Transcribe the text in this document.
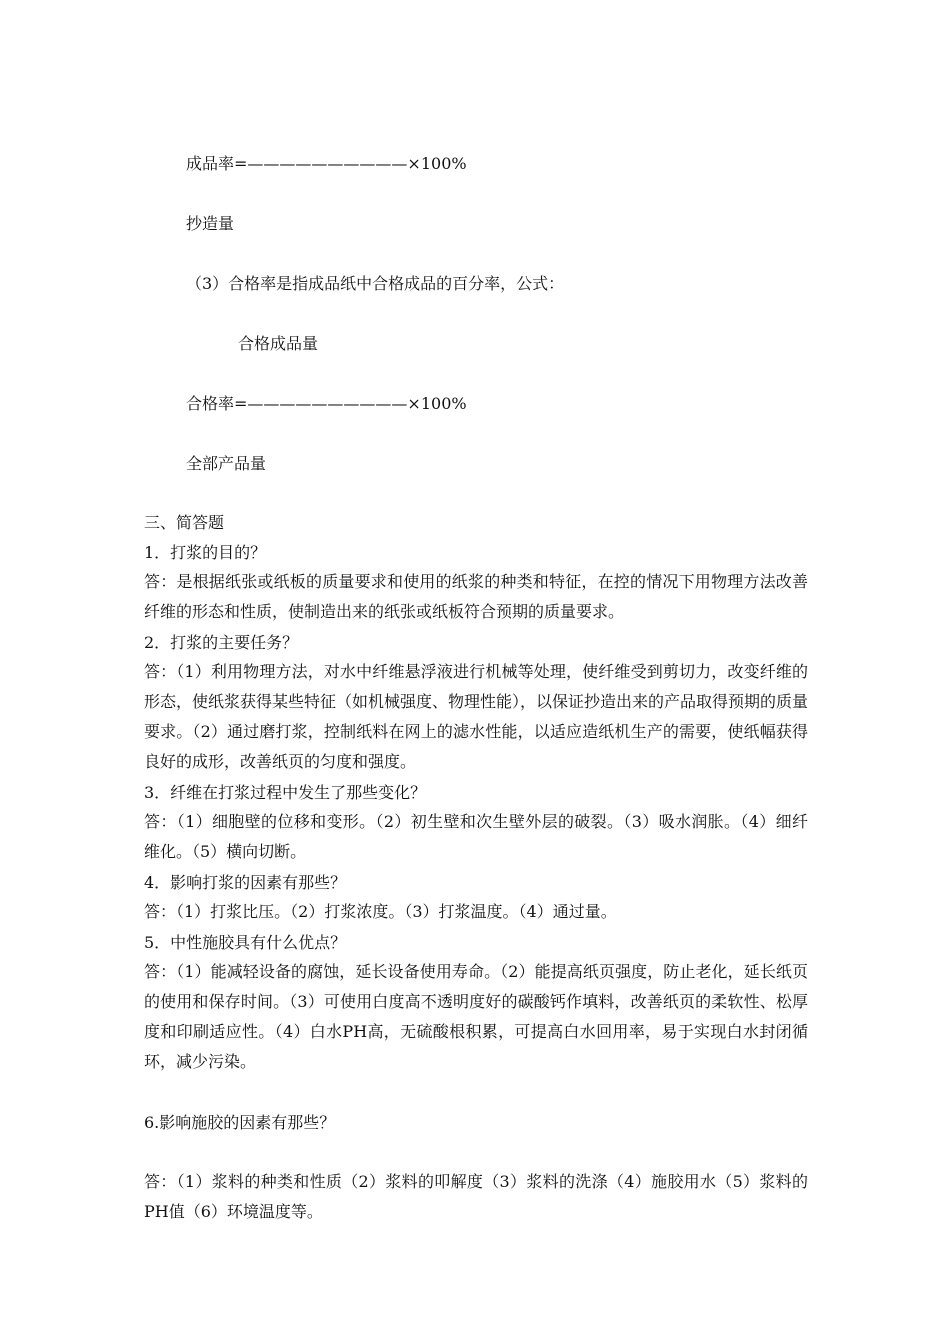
成品率=——————————×100%
抄造量
（3）合格率是指成品纸中合格成品的百分率，公式：
合格成品量
合格率=——————————×100%
全部产品量
三、简答题
1．打浆的目的？
答：是根据纸张或纸板的质量要求和使用的纸浆的种类和特征，在控的情况下用物理方法改善纤维的形态和性质，使制造出来的纸张或纸板符合预期的质量要求。
2．打浆的主要任务？
答：（1）利用物理方法，对水中纤维悬浮液进行机械等处理，使纤维受到剪切力，改变纤维的形态，使纸浆获得某些特征（如机械强度、物理性能），以保证抄造出来的产品取得预期的质量要求。（2）通过磨打浆，控制纸料在网上的滤水性能，以适应造纸机生产的需要，使纸幅获得良好的成形，改善纸页的匀度和强度。
3．纤维在打浆过程中发生了那些变化？
答：（1）细胞壁的位移和变形。（2）初生壁和次生壁外层的破裂。（3）吸水润胀。（4）细纤维化。（5）横向切断。
4．影响打浆的因素有那些？
答：（1）打浆比压。（2）打浆浓度。（3）打浆温度。（4）通过量。
5．中性施胶具有什么优点？
答：（1）能减轻设备的腐蚀，延长设备使用寿命。（2）能提高纸页强度，防止老化，延长纸页的使用和保存时间。（3）可使用白度高不透明度好的碳酸钙作填料，改善纸页的柔软性、松厚度和印刷适应性。（4）白水PH高，无硫酸根积累，可提高白水回用率，易于实现白水封闭循环，减少污染。
6.影响施胶的因素有那些？
答：（1）浆料的种类和性质（2）浆料的叩解度（3）浆料的洗涤（4）施胶用水（5）浆料的PH值（6）环境温度等。
